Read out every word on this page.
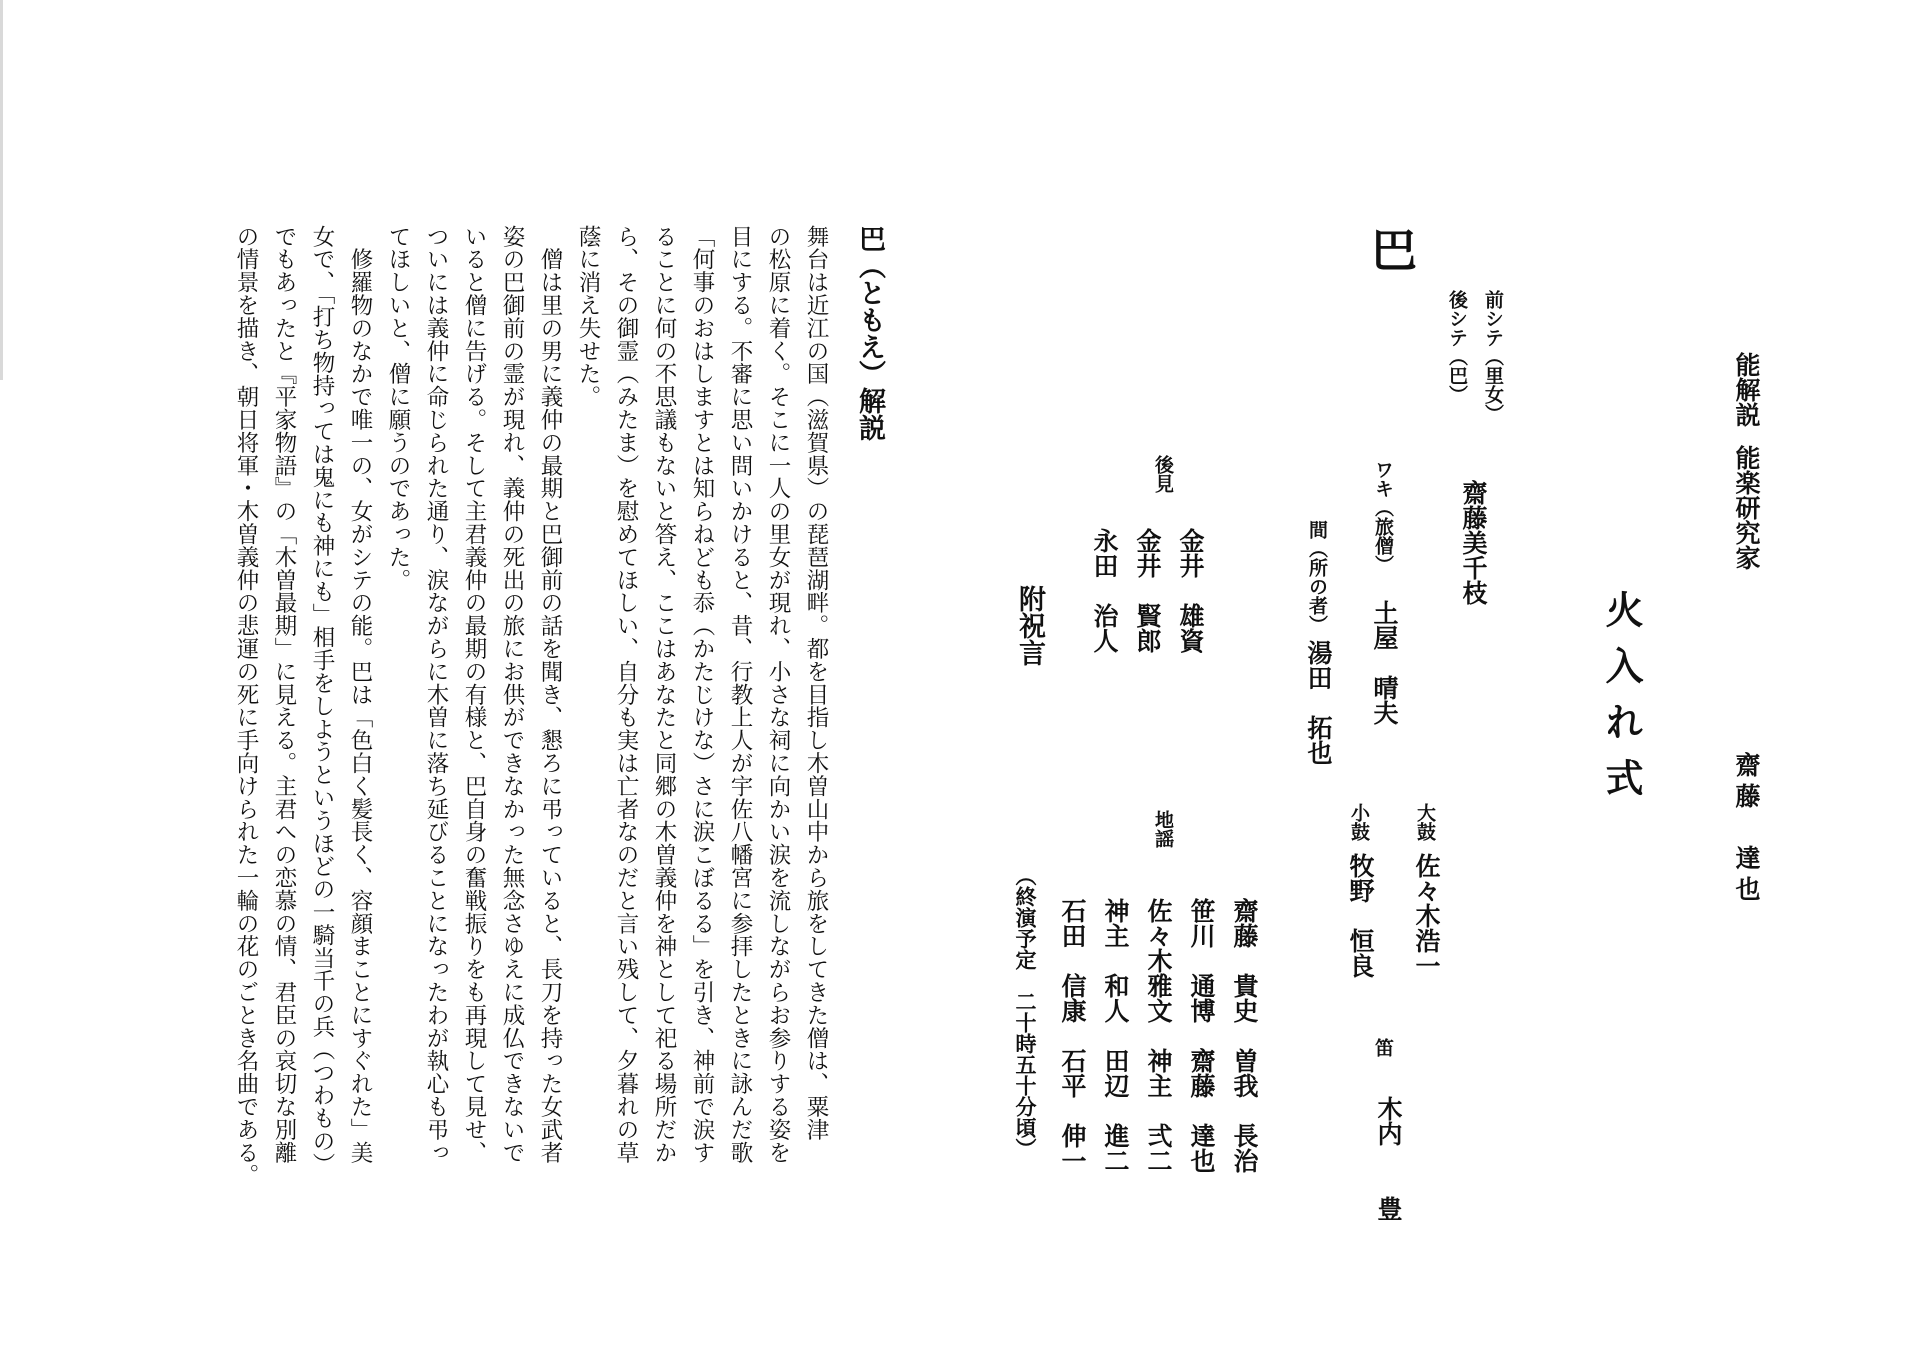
能解説
能楽研究家
齋藤　達也
火入れ式
巴
前シテ（里女）
後シテ（巴）
齋藤美千枝
ワキ（旅僧）
土屋　晴夫
間（所の者）
湯田　拓也
大鼓
佐々木浩一
小鼓
牧野　恒良
笛
木内　　豊
後見
金井　雄資
金井　賢郎
永田　治人
附祝言
地謡
齋藤　貴史　曽我　長治
笹川　通博　齋藤　達也
佐々木雅文　神主　弍二
神主　和人　田辺　進二
石田　信康　石平　伸一
（終演予定　二十時五十分頃）
巴（ともえ）解説
舞台は近江の国（滋賀県）の琵琶湖畔。都を目指し木曽山中から旅をしてきた僧は、粟津
の松原に着く。そこに一人の里女が現れ、小さな祠に向かい涙を流しながらお参りする姿を
目にする。不審に思い問いかけると、昔、行教上人が宇佐八幡宮に参拝したときに詠んだ歌
「何事のおはしますとは知らねども忝（かたじけな）さに涙こぼるる」を引き、神前で涙す
ることに何の不思議もないと答え、ここはあなたと同郷の木曽義仲を神として祀る場所だか
ら、その御霊（みたま）を慰めてほしい、自分も実は亡者なのだと言い残して、夕暮れの草
蔭に消え失せた。
　僧は里の男に義仲の最期と巴御前の話を聞き、懇ろに弔っていると、長刀を持った女武者
姿の巴御前の霊が現れ、義仲の死出の旅にお供ができなかった無念さゆえに成仏できないで
いると僧に告げる。そして主君義仲の最期の有様と、巴自身の奮戦振りをも再現して見せ、
ついには義仲に命じられた通り、涙ながらに木曽に落ち延びることになったわが執心も弔っ
てほしいと、僧に願うのであった。
　修羅物のなかで唯一の、女がシテの能。巴は「色白く髪長く、容顔まことにすぐれた」美
女で、「打ち物持っては鬼にも神にも」相手をしようというほどの一騎当千の兵（つわもの）
でもあったと『平家物語』の「木曽最期」に見える。主君への恋慕の情、君臣の哀切な別離
の情景を描き、朝日将軍・木曽義仲の悲運の死に手向けられた一輪の花のごとき名曲である。
